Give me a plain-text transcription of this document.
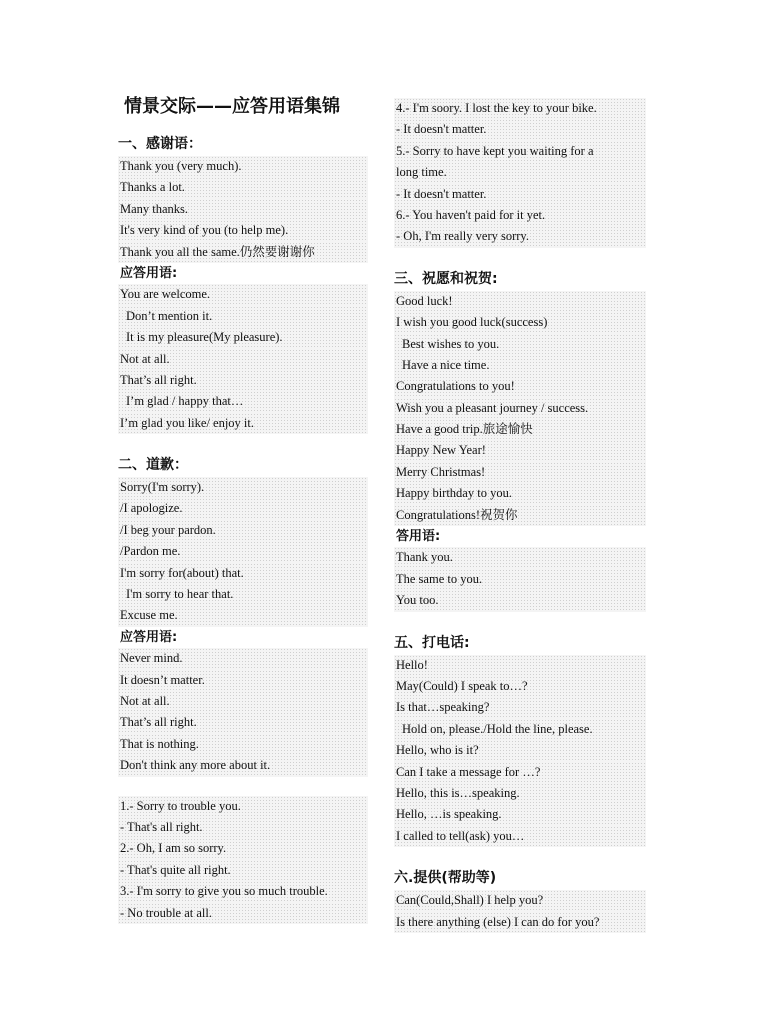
情景交际——应答用语集锦
一、感谢语：
Thank you (very much).
Thanks a lot.
Many thanks.
It's very kind of you (to help me).
Thank you all the same.仍然要谢谢你
应答用语:
You are welcome.
Don’t mention it.
It is my pleasure(My pleasure).
Not at all.
That’s all right.
I’m glad / happy that…
I’m glad you like/ enjoy it.
二、道歉：
Sorry(I'm sorry).
/I apologize.
/I beg your pardon.
/Pardon me.
I'm sorry for(about) that.
I'm sorry to hear that.
Excuse me.
应答用语:
Never mind.
It doesn’t matter.
Not at all.
That’s all right.
That is nothing.
Don't think any more about it.
1.- Sorry to trouble you.
- That's all right.
2.- Oh, I am so sorry.
- That's quite all right.
3.- I'm sorry to give you so much trouble.
- No trouble at all.
4.- I'm soory. I lost the key to your bike.
- It doesn't matter.
5.- Sorry to have kept you waiting for a
long time.
- It doesn't matter.
6.- You haven't paid for it yet.
- Oh, I'm really very sorry.
三、祝愿和祝贺:
Good luck!
I wish you good luck(success)
Best wishes to you.
Have a nice time.
Congratulations to you!
Wish you a pleasant journey / success.
Have a good trip.旅途愉快
Happy New Year!
Merry Christmas!
Happy birthday to you.
Congratulations!祝贺你
答用语:
Thank you.
The same to you.
You too.
五、打电话:
Hello!
May(Could) I speak to…?
Is that…speaking?
Hold on, please./Hold the line, please.
Hello, who is it?
Can I take a message for …?
Hello, this is…speaking.
Hello, …is speaking.
I called to tell(ask) you…
六.提供(帮助等)
Can(Could,Shall) I help you?
Is there anything (else) I can do for you?
